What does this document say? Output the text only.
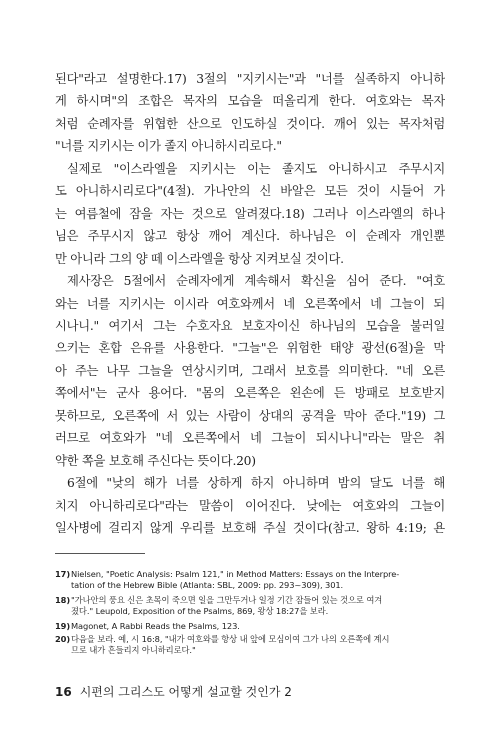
된다"라고 설명한다.17) 3절의 "지키시는"과 "너를 실족하지 아니하
게 하시며"의 조합은 목자의 모습을 떠올리게 한다. 여호와는 목자
처럼 순례자를 위협한 산으로 인도하실 것이다. 깨어 있는 목자처럼
"너를 지키시는 이가 졸지 아니하시리로다."
실제로 "이스라엘을 지키시는 이는 졸지도 아니하시고 주무시지
도 아니하시리로다"(4절). 가나안의 신 바알은 모든 것이 시들어 가
는 여름철에 잠을 자는 것으로 알려졌다.18) 그러나 이스라엘의 하나
님은 주무시지 않고 항상 깨어 계신다. 하나님은 이 순례자 개인뿐
만 아니라 그의 양 떼 이스라엘을 항상 지켜보실 것이다.
제사장은 5절에서 순례자에게 계속해서 확신을 심어 준다. "여호
와는 너를 지키시는 이시라 여호와께서 네 오른쪽에서 네 그늘이 되
시나니." 여기서 그는 수호자요 보호자이신 하나님의 모습을 불러일
으키는 혼합 은유를 사용한다. "그늘"은 위험한 태양 광선(6절)을 막
아 주는 나무 그늘을 연상시키며, 그래서 보호를 의미한다. "네 오른
쪽에서"는 군사 용어다. "몸의 오른쪽은 왼손에 든 방패로 보호받지
못하므로, 오른쪽에 서 있는 사람이 상대의 공격을 막아 준다."19) 그
러므로 여호와가 "네 오른쪽에서 네 그늘이 되시나니"라는 말은 취
약한 쪽을 보호해 주신다는 뜻이다.20)
6절에 "낮의 해가 너를 상하게 하지 아니하며 밤의 달도 너를 해
치지 아니하리로다"라는 말씀이 이어진다. 낮에는 여호와의 그늘이
일사병에 걸리지 않게 우리를 보호해 주실 것이다(참고. 왕하 4:19; 욘
17)Nielsen, "Poetic Analysis: Psalm 121," in Method Matters: Essays on the Interpre-
tation of the Hebrew Bible (Atlanta: SBL, 2009: pp. 293~309), 301.
18)"가나안의 풍요 신은 초목이 죽으면 일을 그만두거나 일정 기간 잠들어 있는 것으로 여겨
졌다." Leupold, Exposition of the Psalms, 869, 왕상 18:27을 보라.
19)Magonet, A Rabbi Reads the Psalms, 123.
20)다음을 보라. 예, 시 16:8, "내가 여호와를 항상 내 앞에 모심이여 그가 나의 오른쪽에 계시
므로 내가 흔들리지 아니하리로다."
16 시편의 그리스도 어떻게 설교할 것인가 2
